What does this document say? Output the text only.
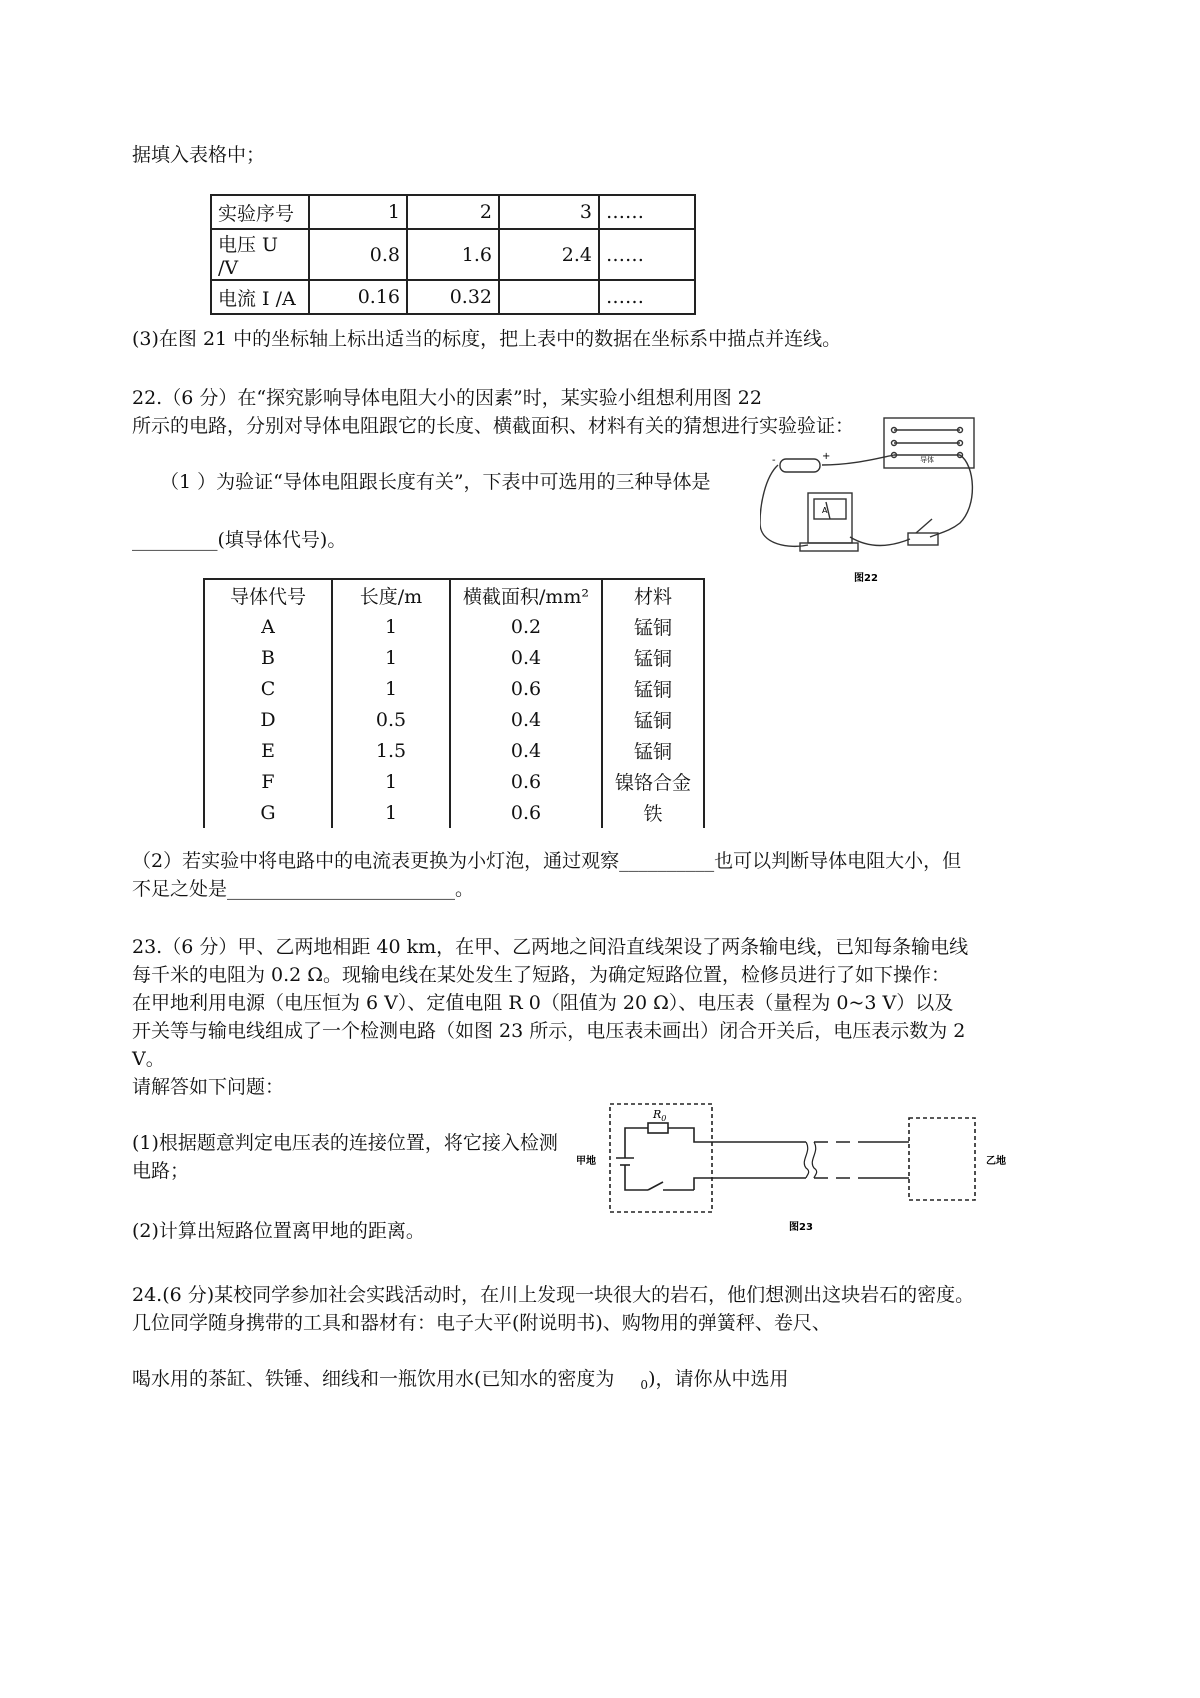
据填入表格中；
实验序号	1	2	3	……
电压 U /V	0.8	1.6	2.4	……
电流 I /A	0.16	0.32		……
(3)在图 21 中的坐标轴上标出适当的标度，把上表中的数据在坐标系中描点并连线。
22.（6 分）在“探究影响导体电阻大小的因素”时，某实验小组想利用图 22
所示的电路，分别对导体电阻跟它的长度、横截面积、材料有关的猜想进行实验验证：
（1 ）为验证“导体电阻跟长度有关”，下表中可选用的三种导体是
_________(填导体代号)。
A
导体
-	+
图22
导体代号	长度/m	横截面积/mm²	材料
A	1	0.2	锰铜
B	1	0.4	锰铜
C	1	0.6	锰铜
D	0.5	0.4	锰铜
E	1.5	0.4	锰铜
F	1	0.6	镍铬合金
G	1	0.6	铁
（2）若实验中将电路中的电流表更换为小灯泡，通过观察__________也可以判断导体电阻大小，但
不足之处是________________________。
23.（6 分）甲、乙两地相距 40 km，在甲、乙两地之间沿直线架设了两条输电线，已知每条输电线
每千米的电阻为 0.2 Ω。现输电线在某处发生了短路，为确定短路位置，检修员进行了如下操作：
在甲地利用电源（电压恒为 6 V）、定值电阻 R 0（阻值为 20 Ω）、电压表（量程为 0~3 V）以及
开关等与输电线组成了一个检测电路（如图 23 所示，电压表未画出）闭合开关后，电压表示数为 2
V。
请解答如下问题：
(1)根据题意判定电压表的连接位置，将它接入检测
电路；
(2)计算出短路位置离甲地的距离。
$R_0$
甲地	乙地
图23
24.(6 分)某校同学参加社会实践活动时，在川上发现一块很大的岩石，他们想测出这块岩石的密度。
几位同学随身携带的工具和器材有：电子大平(附说明书)、购物用的弹簧秤、卷尺、
喝水用的茶缸、铁锤、细线和一瓶饮用水(已知水的密度为 $_0$)，请你从中选用
